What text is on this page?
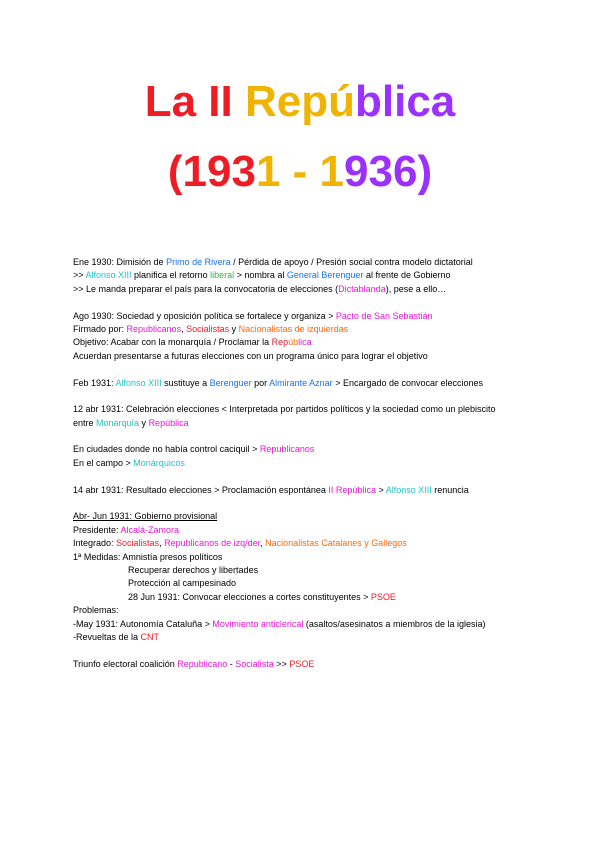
La II República
(1931 - 1936)
Ene 1930: Dimisión de Primo de Rivera / Pérdida de apoyo / Presión social contra modelo dictatorial
>> Alfonso XIII planifica el retorno liberal > nombra al General Berenguer al frente de Gobierno
>> Le manda preparar el país para la convocatoria de elecciones (Dictablanda), pese a ello…
Ago 1930: Sociedad y oposición política se fortalece y organiza > Pacto de San Sebastián
Firmado por: Republicanos, Socialistas y Nacionalistas de izquierdas
Objetivo: Acabar con la monarquía / Proclamar la República
Acuerdan presentarse a futuras elecciones con un programa único para lograr el objetivo
Feb 1931: Alfonso XIII sustituye a Berenguer por Almirante Aznar > Encargado de convocar elecciones
12 abr 1931: Celebración elecciones < Interpretada por partidos políticos y la sociedad como un plebiscito
entre Monarquía y República
En ciudades donde no había control caciquil > Republicanos
En el campo > Monárquicos
14 abr 1931: Resultado elecciones > Proclamación espontánea II República > Alfonso XIII renuncia
Abr- Jun 1931: Gobierno provisional
Presidente: Alcalá-Zamora
Integrado: Socialistas, Republicanos de izq/der, Nacionalistas Catalanes y Gallegos
1ª Medidas: Amnistía presos políticos
Recuperar derechos y libertades
Protección al campesinado
28 Jun 1931: Convocar elecciones a cortes constituyentes > PSOE
Problemas:
-May 1931: Autonomía Cataluña > Movimiento anticlerical (asaltos/asesinatos a miembros de la iglesia)
-Revueltas de la CNT
Triunfo electoral coalición Republicano - Socialista >> PSOE
